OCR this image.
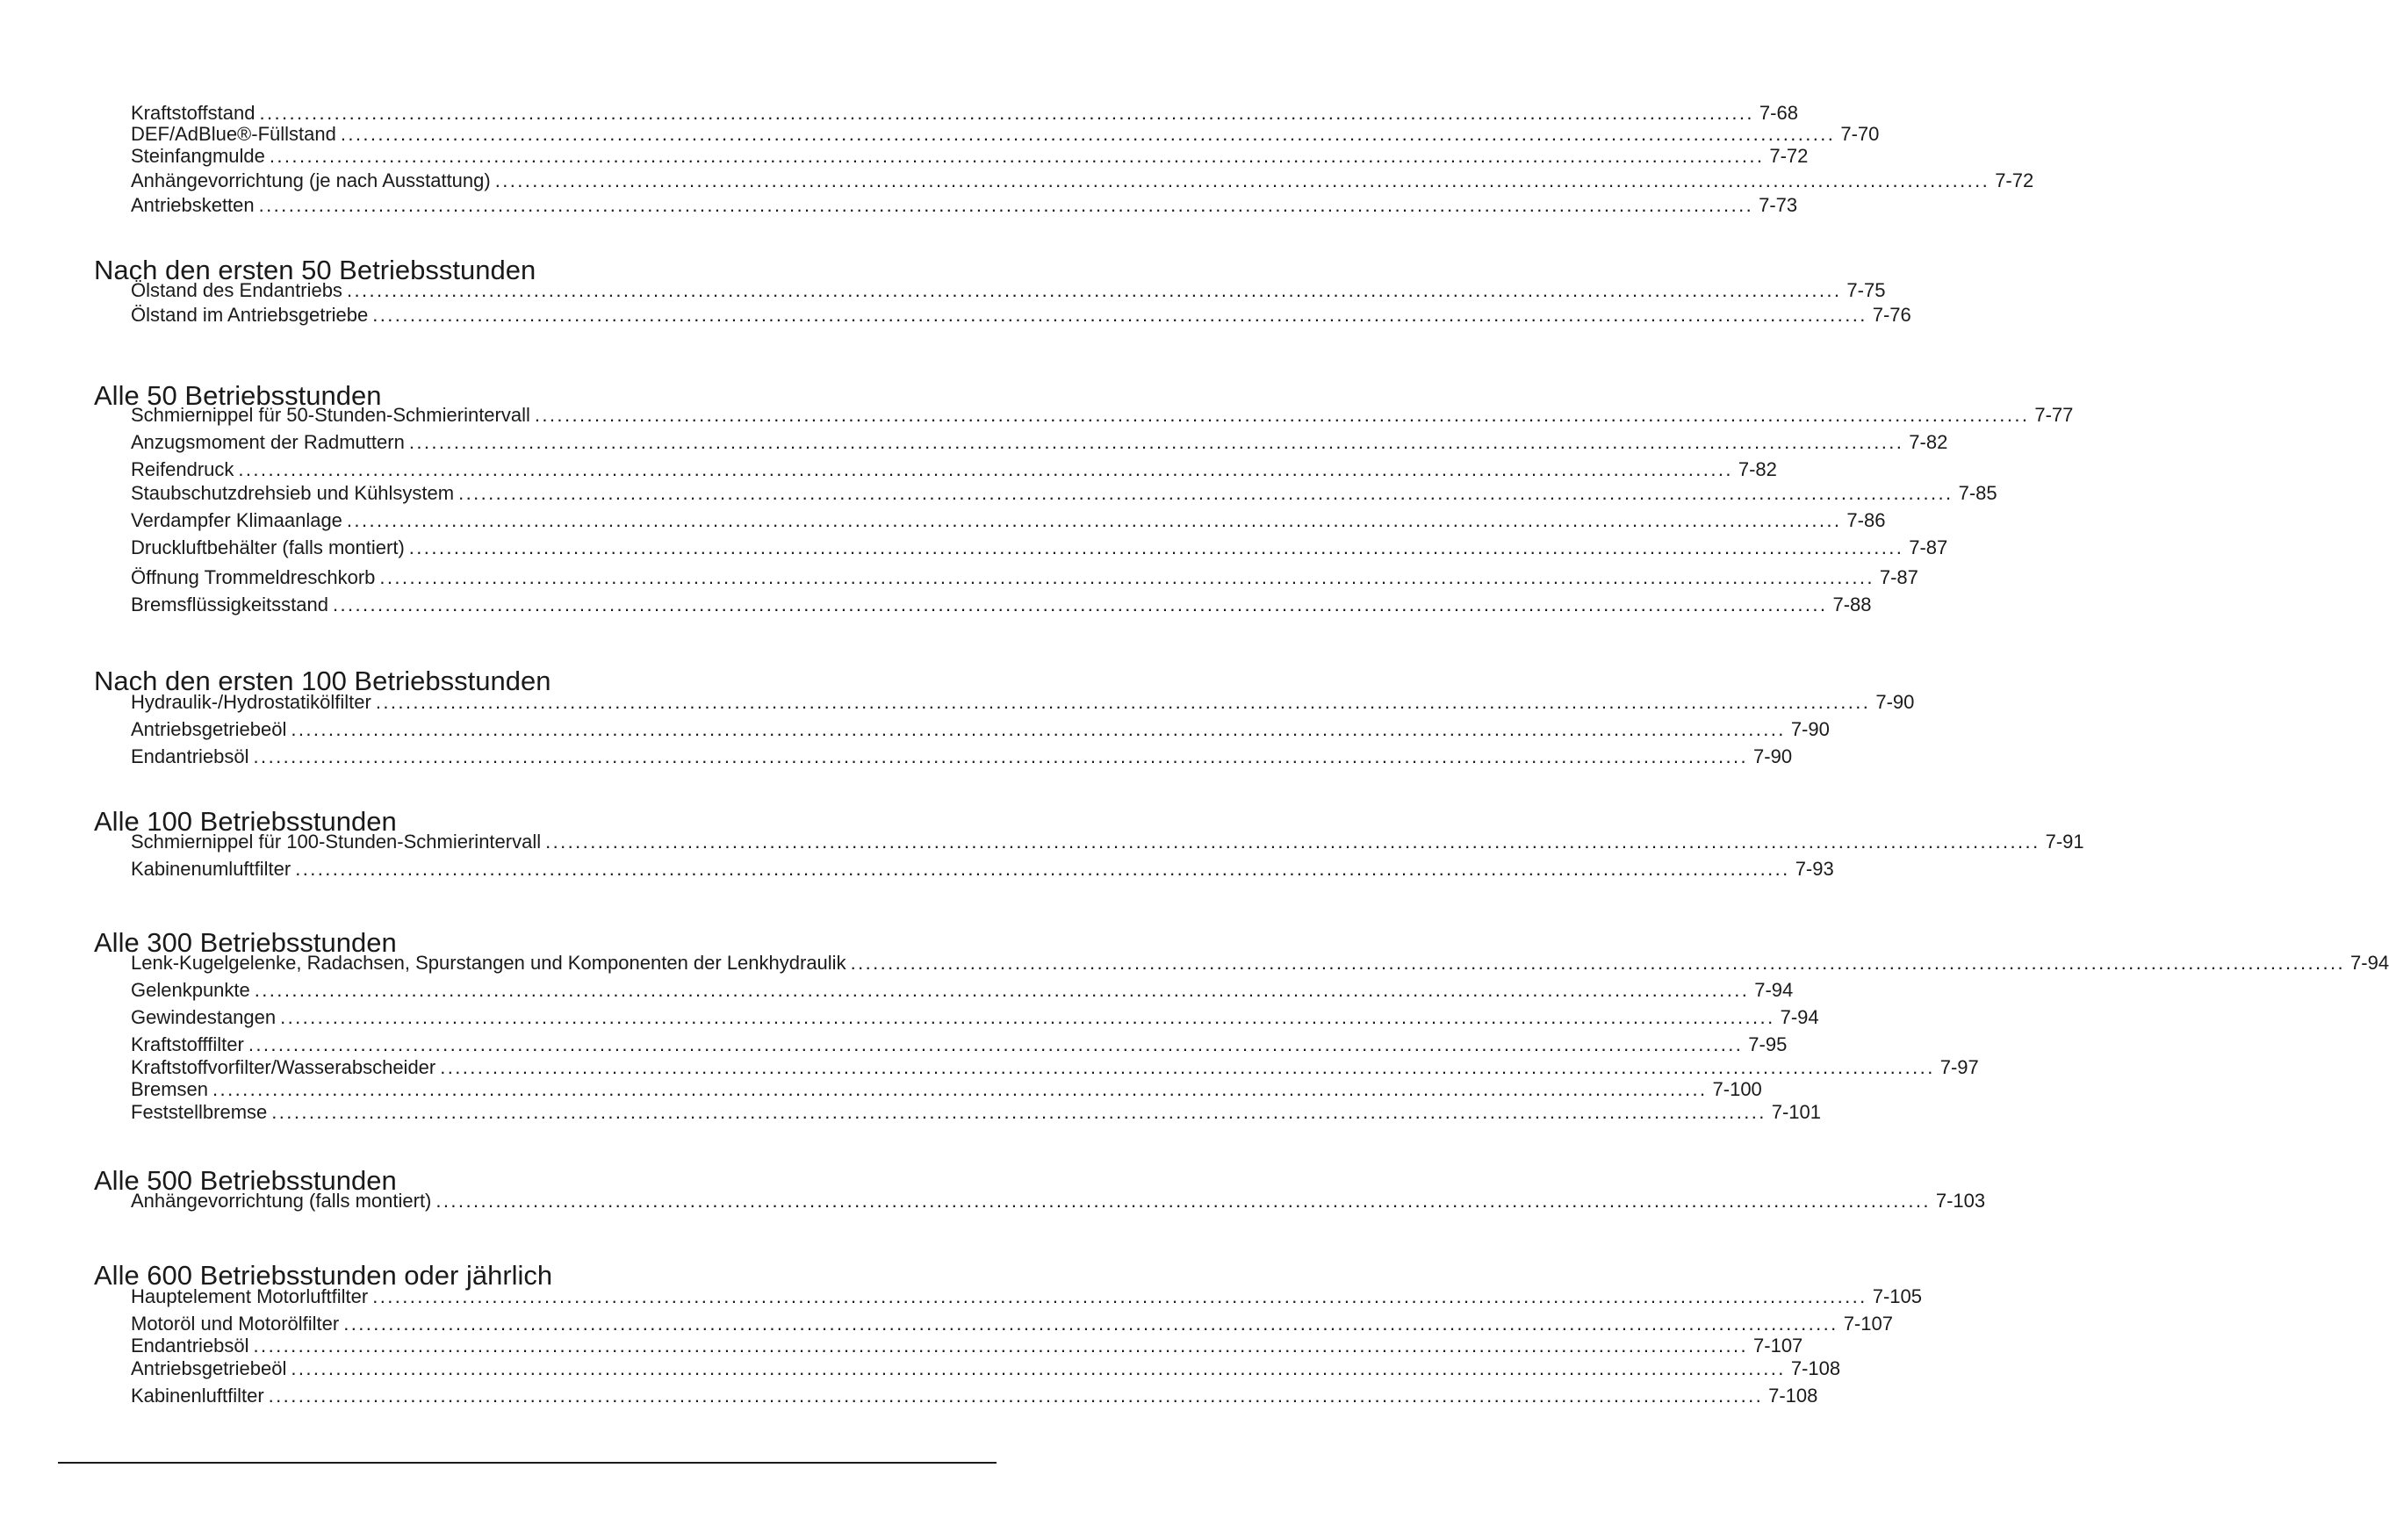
Kraftstoffstand ........................................................................................................................................................................................................ 7-68
DEF/AdBlue®-Füllstand ........................................................................................................................................................................................................ 7-70
Steinfangmulde ........................................................................................................................................................................................................ 7-72
Anhängevorrichtung (je nach Ausstattung) ........................................................................................................................................................................................................ 7-72
Antriebsketten ........................................................................................................................................................................................................ 7-73
Nach den ersten 50 Betriebsstunden
Ölstand des Endantriebs ........................................................................................................................................................................................................ 7-75
Ölstand im Antriebsgetriebe ........................................................................................................................................................................................................ 7-76
Alle 50 Betriebsstunden
Schmiernippel für 50-Stunden-Schmierintervall ........................................................................................................................................................................................................ 7-77
Anzugsmoment der Radmuttern ........................................................................................................................................................................................................ 7-82
Reifendruck ........................................................................................................................................................................................................ 7-82
Staubschutzdrehsieb und Kühlsystem ........................................................................................................................................................................................................ 7-85
Verdampfer Klimaanlage ........................................................................................................................................................................................................ 7-86
Druckluftbehälter (falls montiert) ........................................................................................................................................................................................................ 7-87
Öffnung Trommeldreschkorb ........................................................................................................................................................................................................ 7-87
Bremsflüssigkeitsstand ........................................................................................................................................................................................................ 7-88
Nach den ersten 100 Betriebsstunden
Hydraulik-/Hydrostatikölfilter ........................................................................................................................................................................................................ 7-90
Antriebsgetriebeöl ........................................................................................................................................................................................................ 7-90
Endantriebsöl ........................................................................................................................................................................................................ 7-90
Alle 100 Betriebsstunden
Schmiernippel für 100-Stunden-Schmierintervall ........................................................................................................................................................................................................ 7-91
Kabinenumluftfilter ........................................................................................................................................................................................................ 7-93
Alle 300 Betriebsstunden
Lenk-Kugelgelenke, Radachsen, Spurstangen und Komponenten der Lenkhydraulik ........................................................................................................................................................................................................ 7-94
Gelenkpunkte ........................................................................................................................................................................................................ 7-94
Gewindestangen ........................................................................................................................................................................................................ 7-94
Kraftstofffilter ........................................................................................................................................................................................................ 7-95
Kraftstoffvorfilter/Wasserabscheider ........................................................................................................................................................................................................ 7-97
Bremsen ........................................................................................................................................................................................................ 7-100
Feststellbremse ........................................................................................................................................................................................................ 7-101
Alle 500 Betriebsstunden
Anhängevorrichtung (falls montiert) ........................................................................................................................................................................................................ 7-103
Alle 600 Betriebsstunden oder jährlich
Hauptelement Motorluftfilter ........................................................................................................................................................................................................ 7-105
Motoröl und Motorölfilter ........................................................................................................................................................................................................ 7-107
Endantriebsöl ........................................................................................................................................................................................................ 7-107
Antriebsgetriebeöl ........................................................................................................................................................................................................ 7-108
Kabinenluftfilter ........................................................................................................................................................................................................ 7-108
